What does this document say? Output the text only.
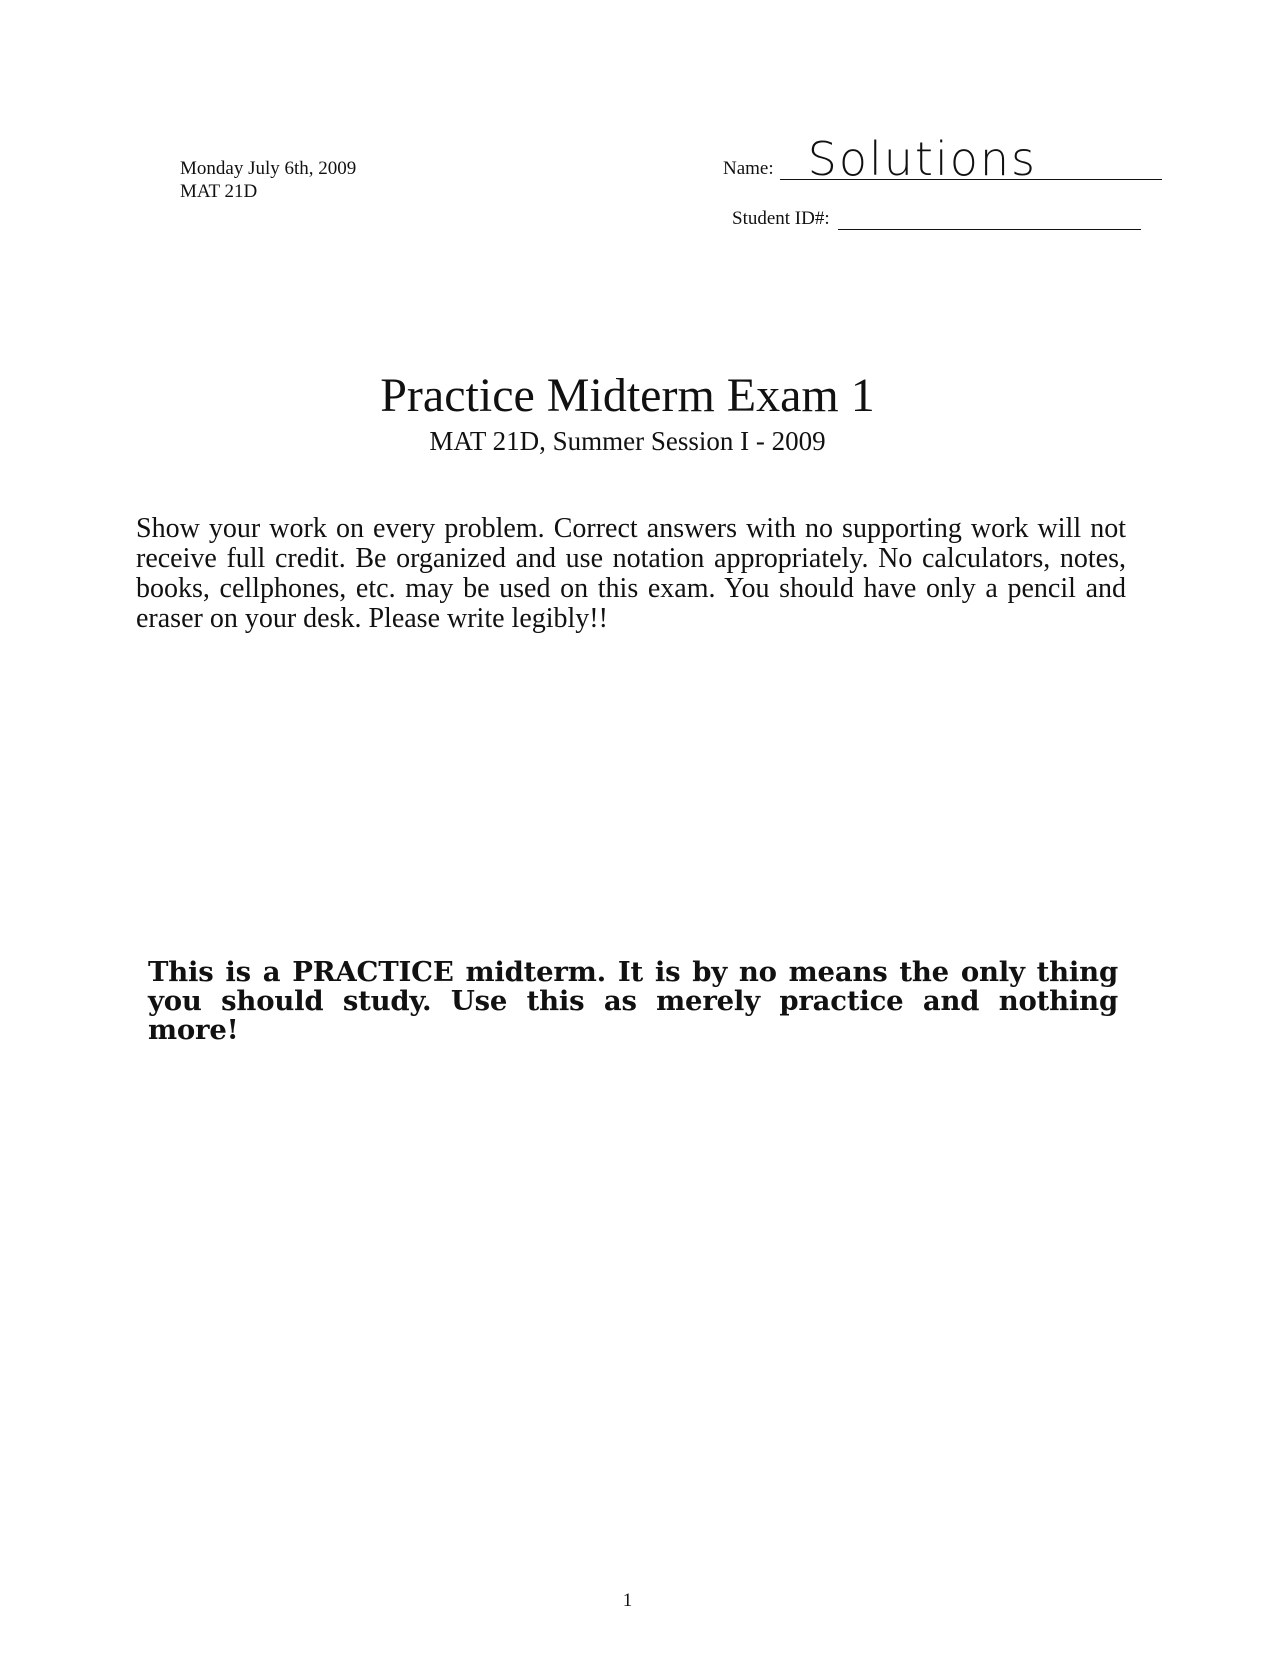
Monday July 6th, 2009
MAT 21D
Name: Solutions
Student ID#:
Practice Midterm Exam 1
MAT 21D, Summer Session I - 2009
Show your work on every problem. Correct answers with no supporting work will not receive full credit. Be organized and use notation appropriately. No calculators, notes, books, cellphones, etc. may be used on this exam. You should have only a pencil and eraser on your desk. Please write legibly!!
This is a PRACTICE midterm. It is by no means the only thing you should study. Use this as merely practice and nothing more!
1
